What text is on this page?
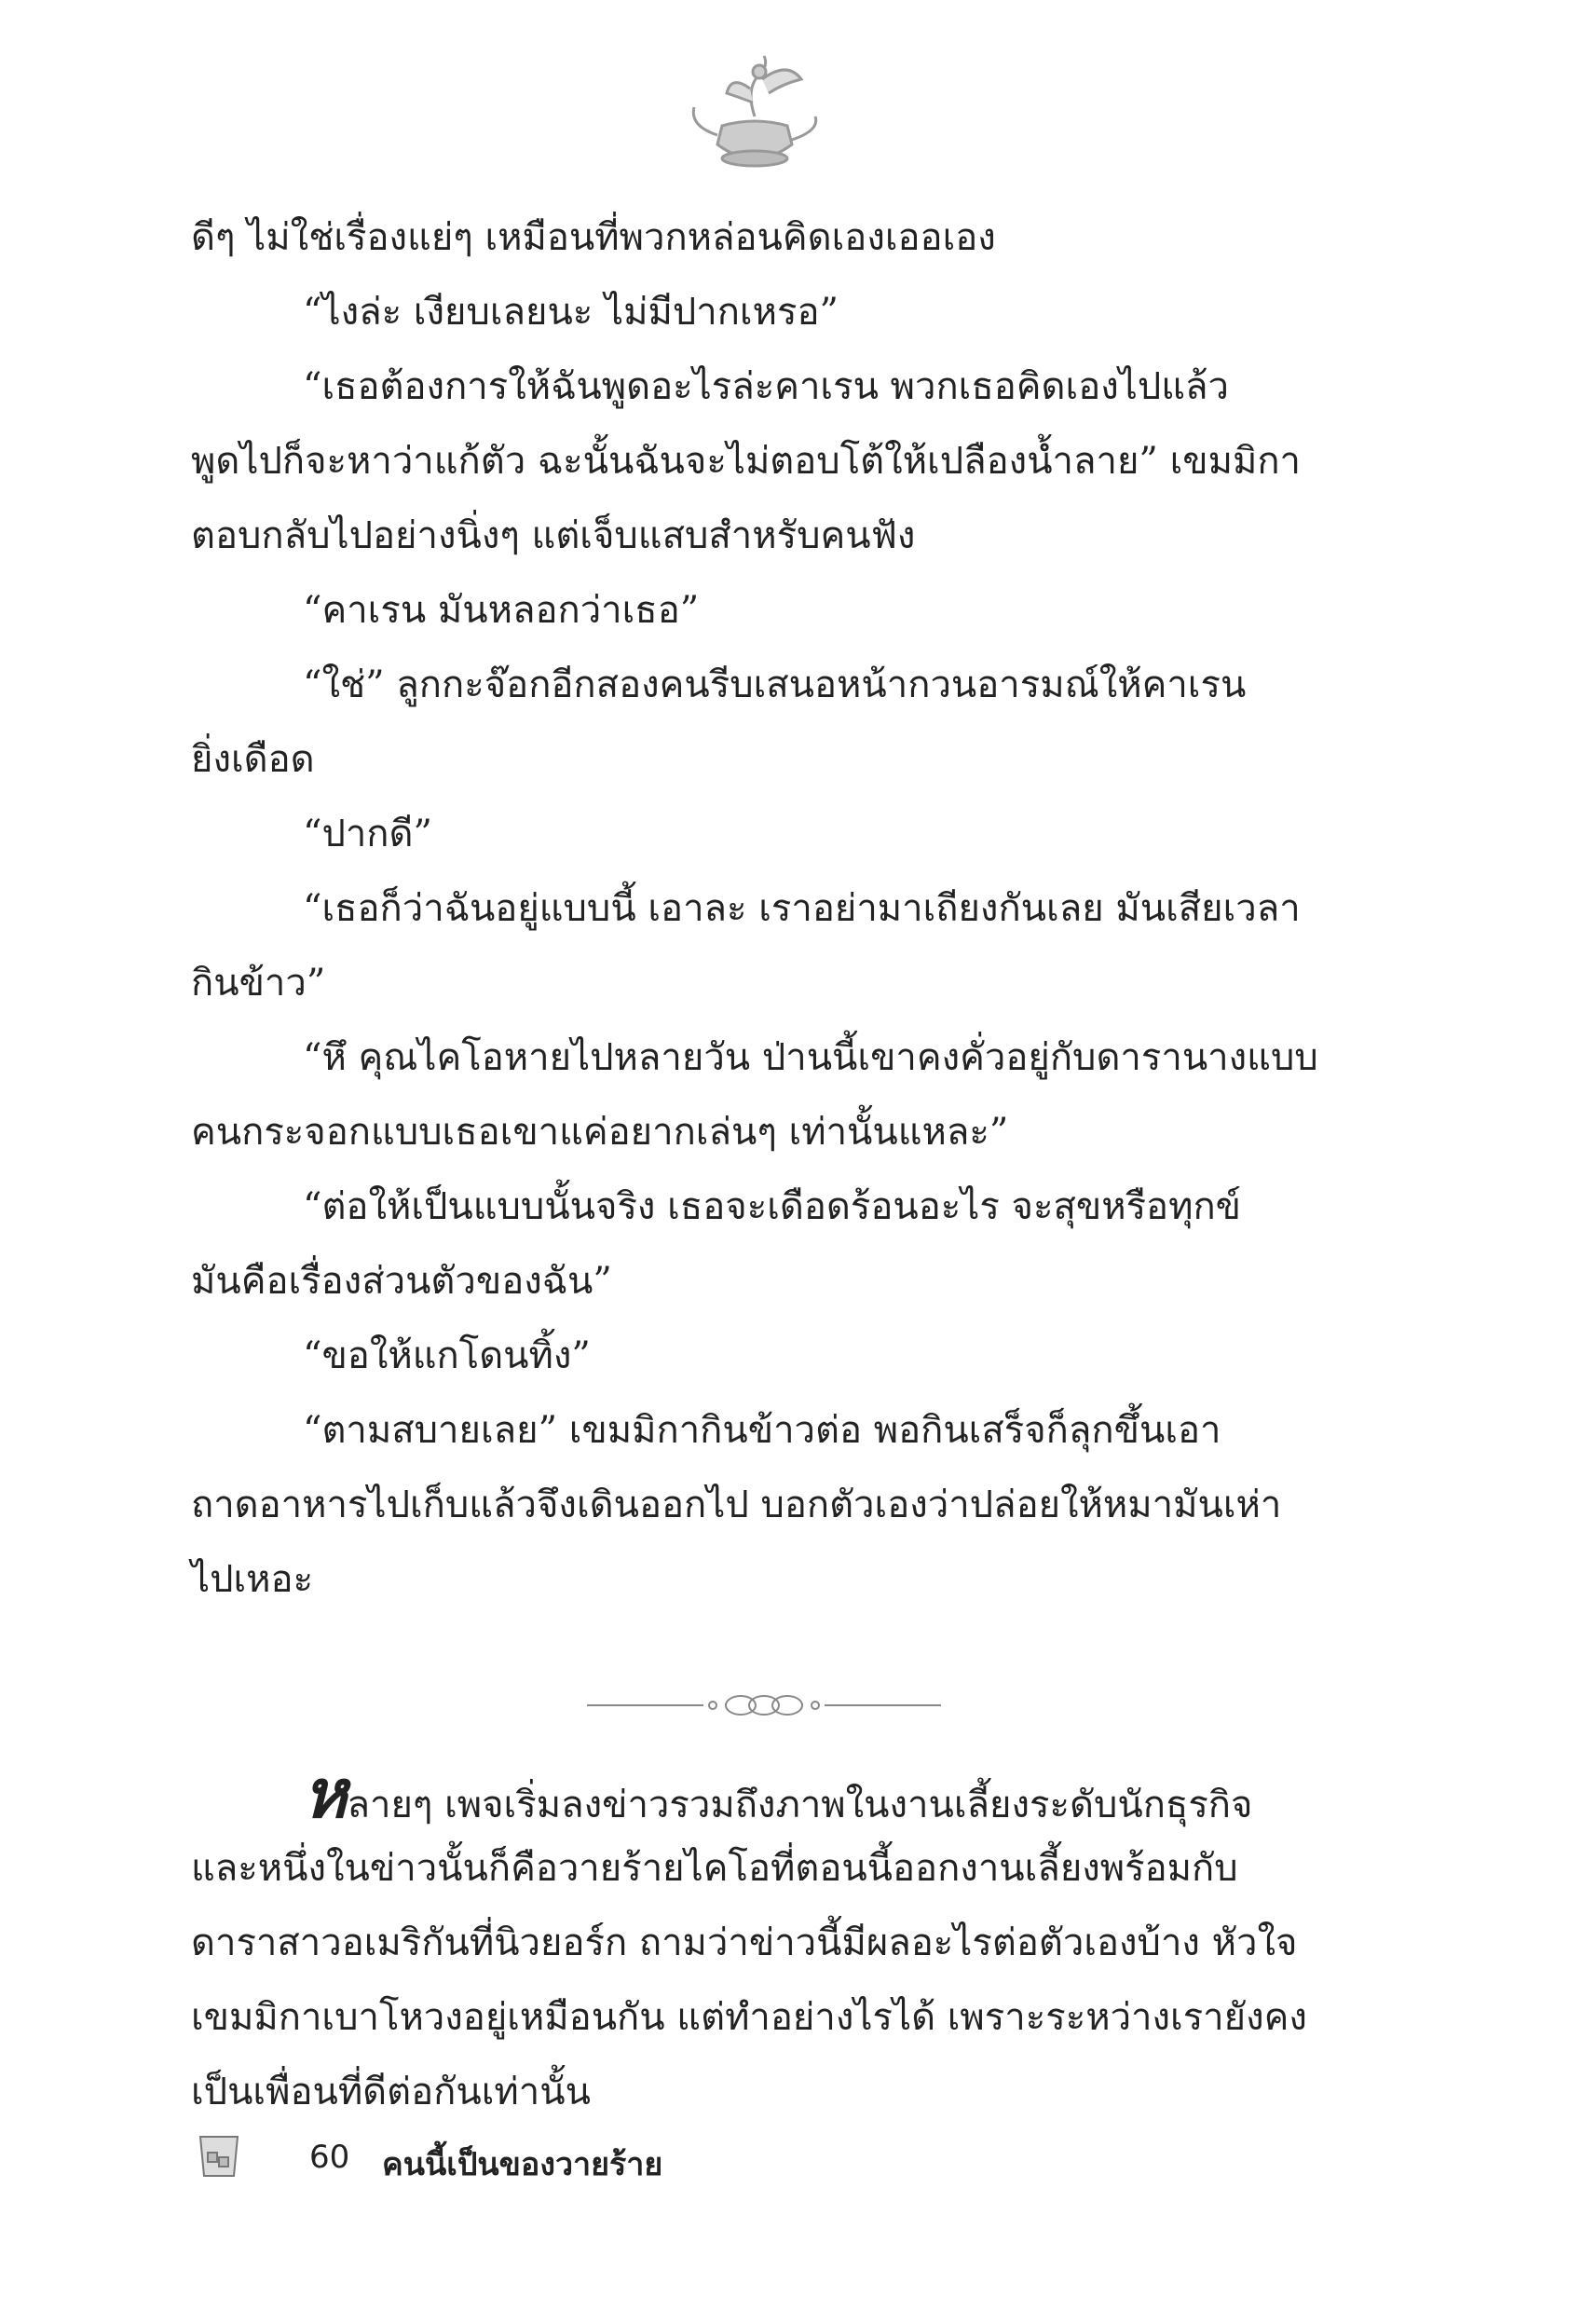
ดีๆ ไม่ใช่เรื่องแย่ๆ เหมือนที่พวกหล่อนคิดเองเออเอง
“ไงล่ะ เงียบเลยนะ ไม่มีปากเหรอ”
“เธอต้องการให้ฉันพูดอะไรล่ะคาเรน พวกเธอคิดเองไปแล้ว
พูดไปก็จะหาว่าแก้ตัว ฉะนั้นฉันจะไม่ตอบโต้ให้เปลืองน้ำลาย” เขมมิกา
ตอบกลับไปอย่างนิ่งๆ แต่เจ็บแสบสำหรับคนฟัง
“คาเรน มันหลอกว่าเธอ”
“ใช่” ลูกกะจ๊อกอีกสองคนรีบเสนอหน้ากวนอารมณ์ให้คาเรน
ยิ่งเดือด
“ปากดี”
“เธอก็ว่าฉันอยู่แบบนี้ เอาละ เราอย่ามาเถียงกันเลย มันเสียเวลา
กินข้าว”
“หึ คุณไคโอหายไปหลายวัน ป่านนี้เขาคงคั่วอยู่กับดารานางแบบ
คนกระจอกแบบเธอเขาแค่อยากเล่นๆ เท่านั้นแหละ”
“ต่อให้เป็นแบบนั้นจริง เธอจะเดือดร้อนอะไร จะสุขหรือทุกข์
มันคือเรื่องส่วนตัวของฉัน”
“ขอให้แกโดนทิ้ง”
“ตามสบายเลย” เขมมิกากินข้าวต่อ พอกินเสร็จก็ลุกขึ้นเอา
ถาดอาหารไปเก็บแล้วจึงเดินออกไป บอกตัวเองว่าปล่อยให้หมามันเห่า
ไปเหอะ
หลายๆ เพจเริ่มลงข่าวรวมถึงภาพในงานเลี้ยงระดับนักธุรกิจ
และหนึ่งในข่าวนั้นก็คือวายร้ายไคโอที่ตอนนี้ออกงานเลี้ยงพร้อมกับ
ดาราสาวอเมริกันที่นิวยอร์ก ถามว่าข่าวนี้มีผลอะไรต่อตัวเองบ้าง หัวใจ
เขมมิกาเบาโหวงอยู่เหมือนกัน แต่ทำอย่างไรได้ เพราะระหว่างเรายังคง
เป็นเพื่อนที่ดีต่อกันเท่านั้น
60 คนนี้เป็นของวายร้าย
